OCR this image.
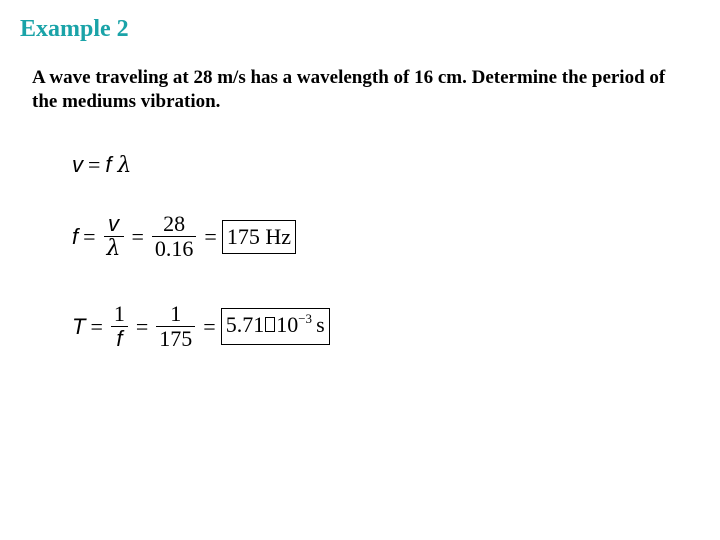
Example 2
A wave traveling at 28 m/s has a wavelength of 16 cm. Determine the period of the mediums vibration.
v = f λ
$f = \frac{v}{\lambda} = \frac{28}{0.16} = 175$ Hz
$T = \frac{1}{f} = \frac{1}{175} = 5.71$ 10 −3 s
